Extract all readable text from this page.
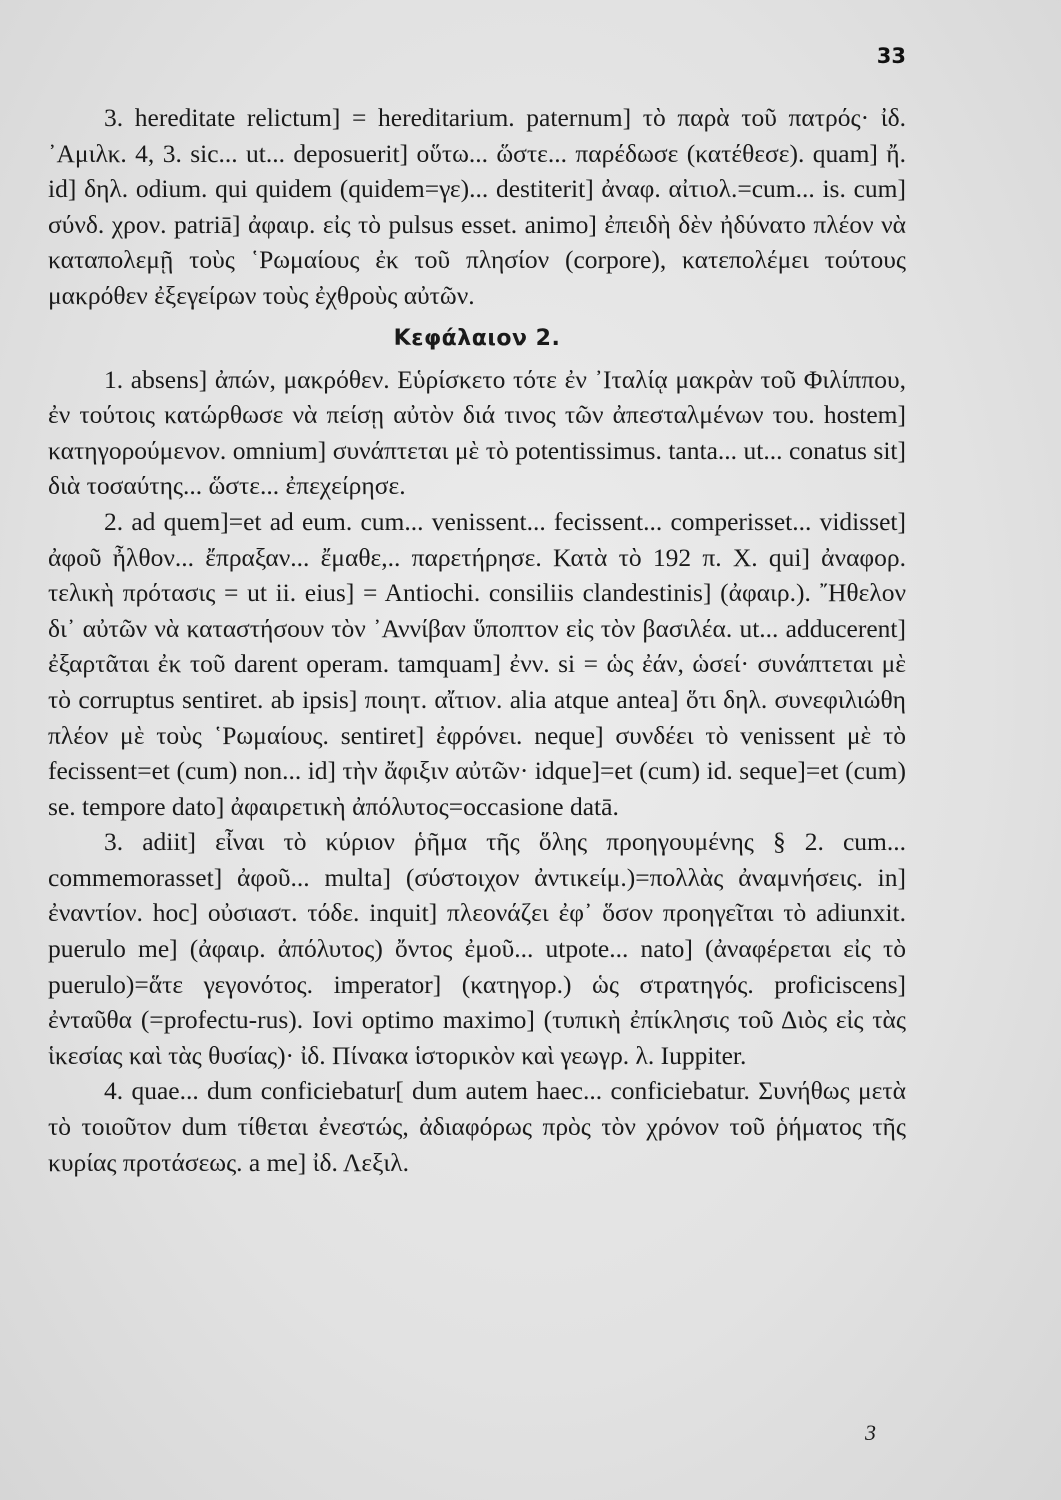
33

3. hereditate relictum] = hereditarium. paternum] τὸ παρὰ τοῦ πατρός· ἰδ. ᾿Αμιλκ. 4, 3. sic... ut... deposuerit] οὕτω... ὥστε... παρέδωσε (κατέθεσε). quam] ἤ. id] δηλ. odium. qui quidem (quidem=γε)... destiterit] ἀναφ. αἰτιολ.=cum... is. cum] σύνδ. χρον. patriā] ἀφαιρ. εἰς τὸ pulsus esset. animo] ἐπειδὴ δὲν ἠδύνατο πλέον νὰ καταπολεμῇ τοὺς ῾Ρωμαίους ἐκ τοῦ πλησίον (corpore), κατεπολέμει τούτους μακρόθεν ἐξεγείρων τοὺς ἐχθροὺς αὐτῶν.

Κεφάλαιον 2.

1. absens] ἀπών, μακρόθεν. Εὑρίσκετο τότε ἐν ᾿Ιταλίᾳ μακρὰν τοῦ Φιλίππου, ἐν τούτοις κατώρθωσε νὰ πείσῃ αὐτὸν διά τινος τῶν ἀπεσταλμένων του. hostem] κατηγορούμενον. omnium] συνάπτεται μὲ τὸ potentissimus. tanta... ut... conatus sit] διὰ τοσαύτης... ὥστε... ἐπεχείρησε.

2. ad quem]=et ad eum. cum... venissent... fecissent... comperisset... vidisset] ἀφοῦ ἦλθον... ἔπραξαν... ἔμαθε,.. παρετήρησε. Κατὰ τὸ 192 π. Χ. qui] ἀναφορ. τελικὴ πρότασις = ut ii. eius] = Antiochi. consiliis clandestinis] (ἀφαιρ.). ῎Ηθελον δι᾿ αὐτῶν νὰ καταστήσουν τὸν ᾿Αννίβαν ὕποπτον εἰς τὸν βασιλέα. ut... adducerent] ἐξαρτᾶται ἐκ τοῦ darent operam. tamquam] ἐνν. si = ὡς ἐάν, ὡσεί· συνάπτεται μὲ τὸ corruptus sentiret. ab ipsis] ποιητ. αἴτιον. alia atque antea] ὅτι δηλ. συνεφιλιώθη πλέον μὲ τοὺς ῾Ρωμαίους. sentiret] ἐφρόνει. neque] συνδέει τὸ venissent μὲ τὸ fecissent=et (cum) non... id] τὴν ἄφιξιν αὐτῶν· idque]=et (cum) id. seque]=et (cum) se. tempore dato] ἀφαιρετικὴ ἀπόλυτος=occasione datā.

3. adiit] εἶναι τὸ κύριον ῥῆμα τῆς ὅλης προηγουμένης § 2. cum... commemorasset] ἀφοῦ... multa] (σύστοιχον ἀντικείμ.)=πολλὰς ἀναμνήσεις. in] ἐναντίον. hoc] οὐσιαστ. τόδε. inquit] πλεονάζει ἐφ᾿ ὅσον προηγεῖται τὸ adiunxit. puerulo me] (ἀφαιρ. ἀπόλυτος) ὄντος ἐμοῦ... utpote... nato] (ἀναφέρεται εἰς τὸ puerulo)=ἅτε γεγονότος. imperator] (κατηγορ.) ὡς στρατηγός. proficiscens] ἐνταῦθα (=profectu-rus). Iovi optimo maximo] (τυπικὴ ἐπίκλησις τοῦ Διὸς εἰς τὰς ἱκεσίας καὶ τὰς θυσίας)· ἰδ. Πίνακα ἱστορικὸν καὶ γεωγρ. λ. Iuppiter.

4. quae... dum conficiebatur[ dum autem haec... conficiebatur. Συνήθως μετὰ τὸ τοιοῦτον dum τίθεται ἐνεστώς, ἀδιαφόρως πρὸς τὸν χρόνον τοῦ ῥήματος τῆς κυρίας προτάσεως. a me] ἰδ. Λεξιλ.

3
